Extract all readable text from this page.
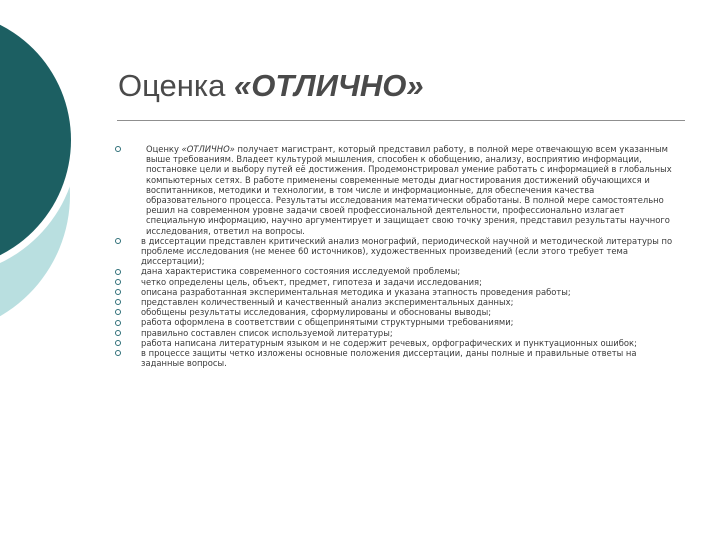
Оценка «ОТЛИЧНО»
Оценку «ОТЛИЧНО» получает магистрант, который представил работу, в полной мере отвечающую всем указанным выше требованиям. Владеет культурой мышления, способен к обобщению, анализу, восприятию информации, постановке цели и выбору путей её достижения. Продемонстрировал умение работать с информацией в глобальных компьютерных сетях. В работе применены современные методы диагностирования достижений обучающихся и воспитанников, методики и технологии, в том числе и информационные, для обеспечения качества образовательного процесса. Результаты исследования математически обработаны. В полной мере самостоятельно решил на современном уровне задачи своей профессиональной деятельности, профессионально излагает специальную информацию, научно аргументирует и защищает свою точку зрения, представил результаты научного исследования, ответил на вопросы.
в диссертации представлен критический анализ монографий, периодической научной и методической литературы по проблеме исследования (не менее 60 источников), художественных произведений (если этого требует тема диссертации);
дана характеристика современного состояния исследуемой проблемы;
четко определены цель, объект, предмет, гипотеза и задачи исследования;
описана разработанная экспериментальная методика и указана этапность проведения работы;
представлен количественный и качественный анализ экспериментальных данных;
обобщены результаты исследования, сформулированы и обоснованы выводы;
работа оформлена в соответствии с общепринятыми структурными требованиями;
правильно составлен список используемой литературы;
работа написана литературным языком и не содержит речевых, орфографических и пунктуационных ошибок;
в процессе защиты четко изложены основные положения диссертации, даны полные и правильные ответы на заданные вопросы.
